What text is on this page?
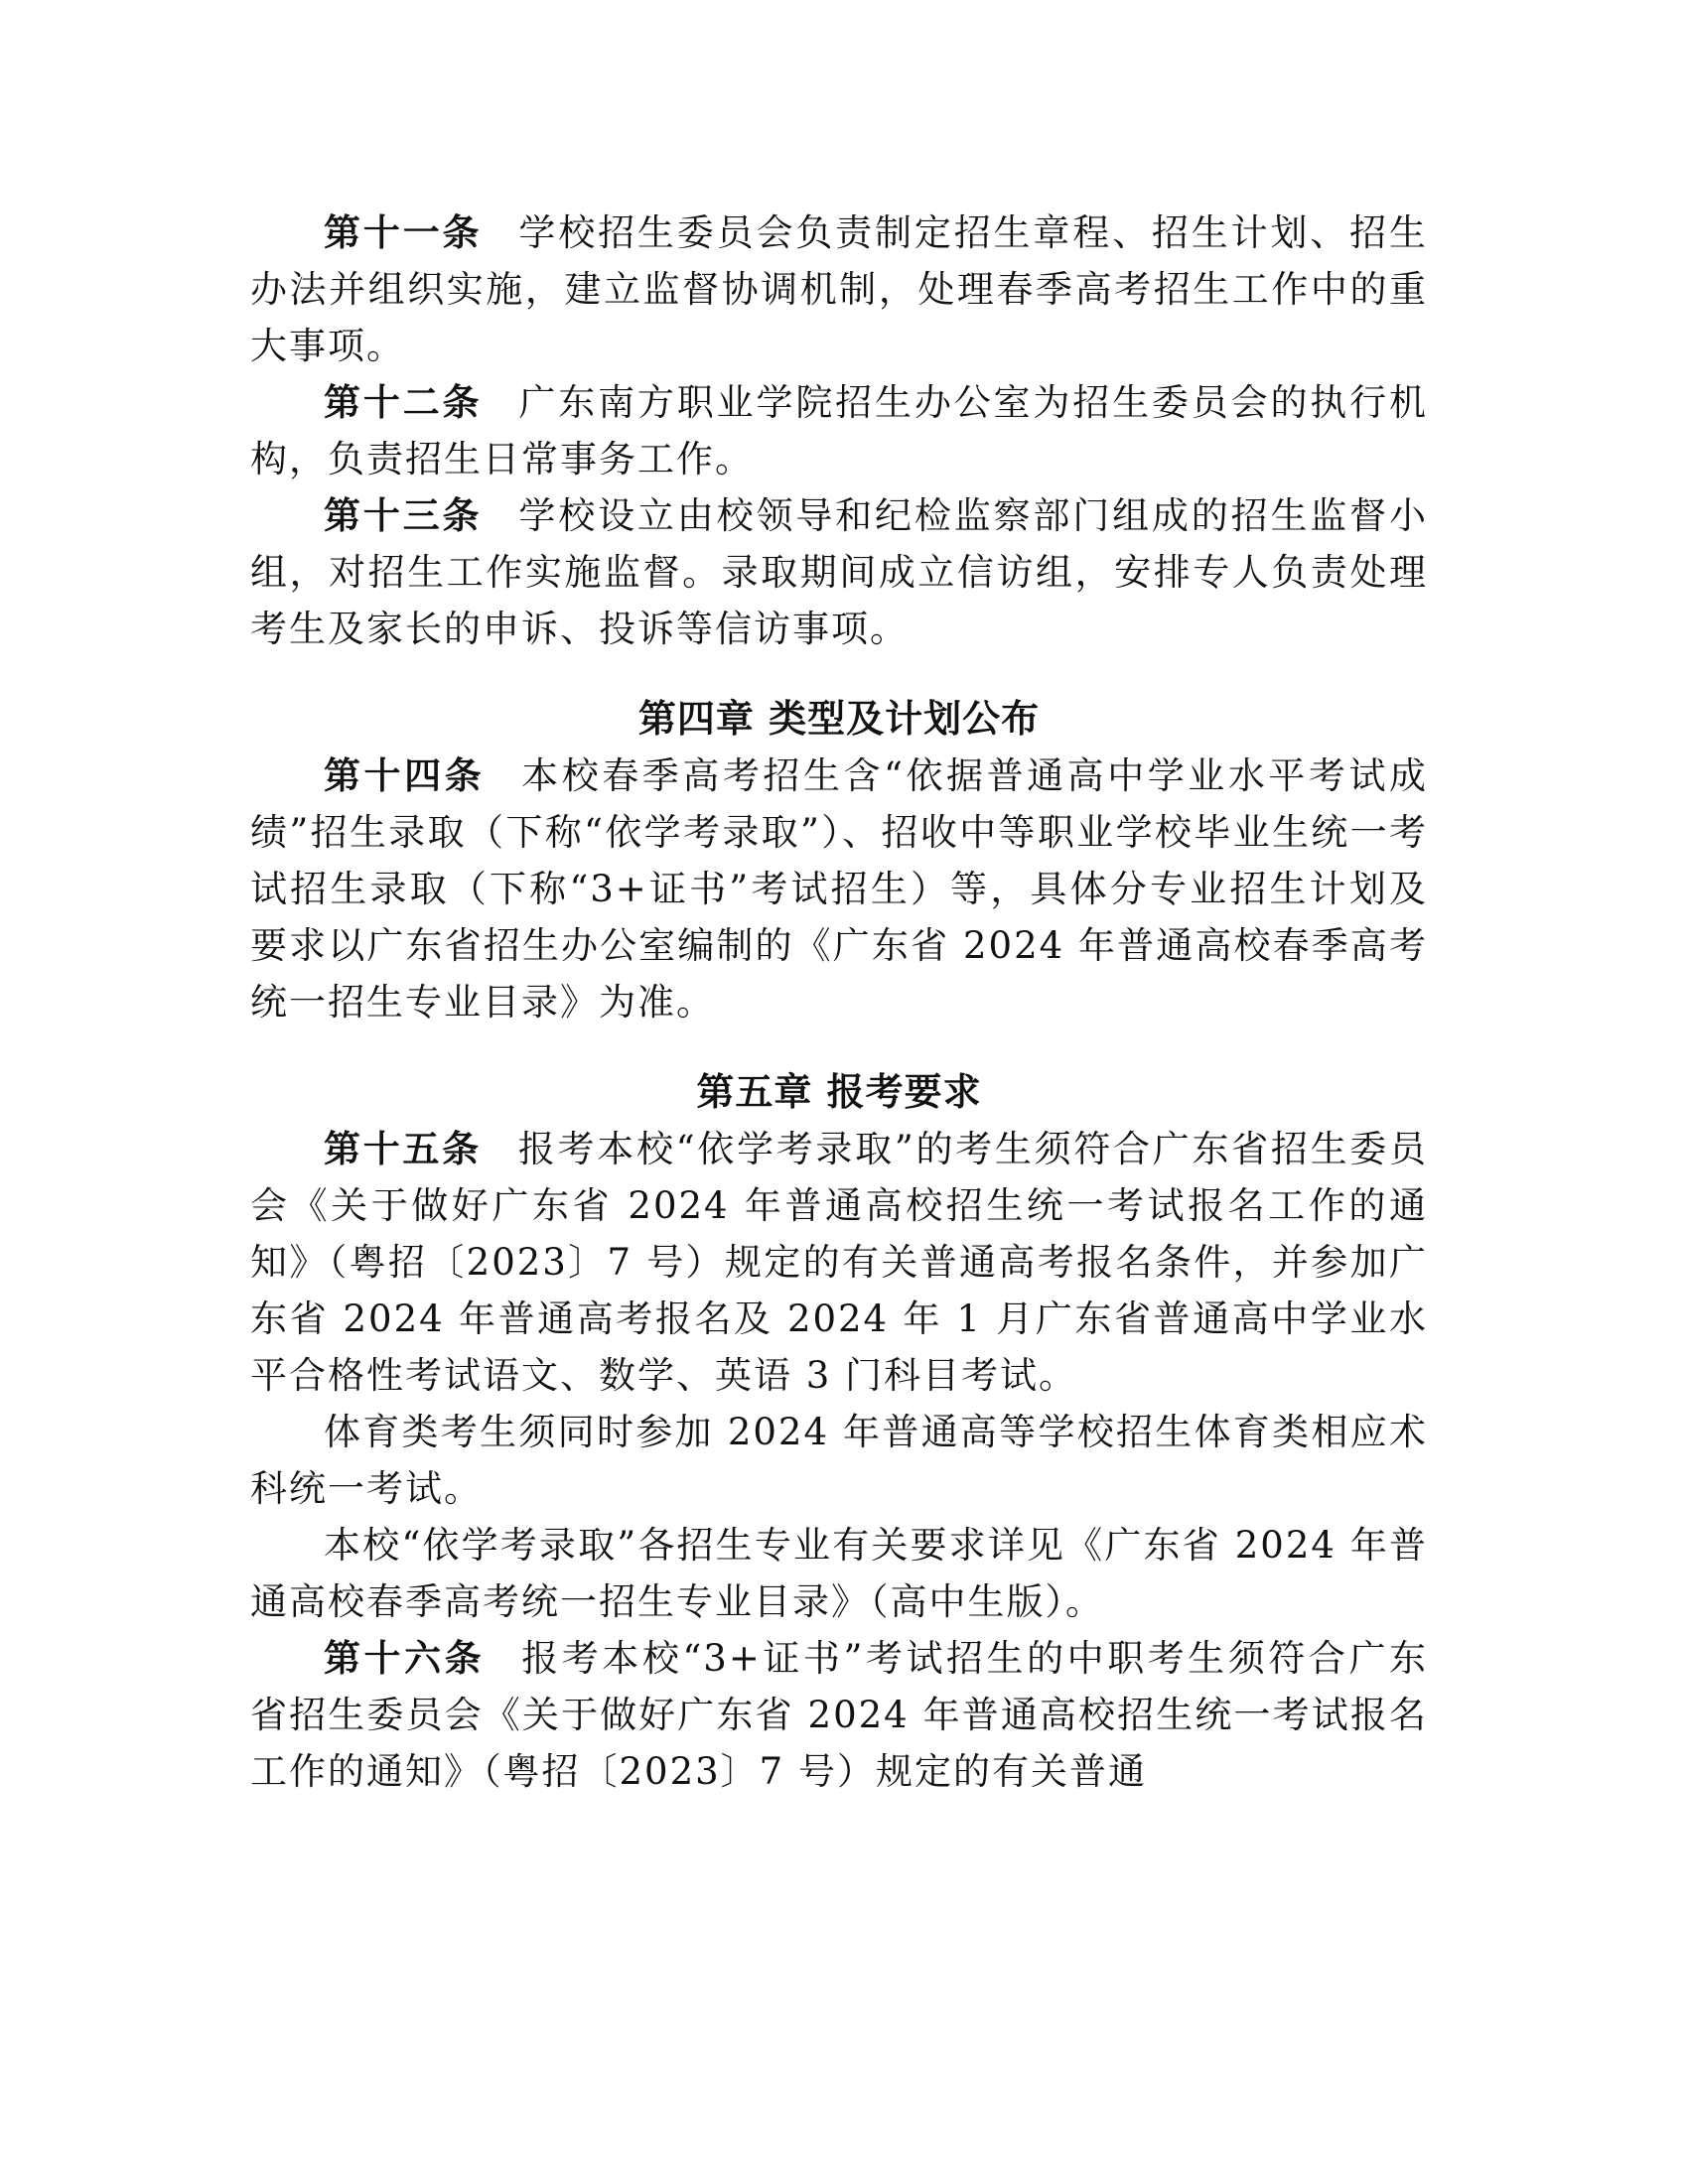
第十一条 学校招生委员会负责制定招生章程、招生计划、招生办法并组织实施，建立监督协调机制，处理春季高考招生工作中的重大事项。

第十二条 广东南方职业学院招生办公室为招生委员会的执行机构，负责招生日常事务工作。

第十三条 学校设立由校领导和纪检监察部门组成的招生监督小组，对招生工作实施监督。录取期间成立信访组，安排专人负责处理考生及家长的申诉、投诉等信访事项。

第四章 类型及计划公布

第十四条 本校春季高考招生含“依据普通高中学业水平考试成绩”招生录取（下称“依学考录取”）、招收中等职业学校毕业生统一考试招生录取（下称“3+证书”考试招生）等，具体分专业招生计划及要求以广东省招生办公室编制的《广东省 2024 年普通高校春季高考统一招生专业目录》为准。

第五章 报考要求

第十五条 报考本校“依学考录取”的考生须符合广东省招生委员会《关于做好广东省 2024 年普通高校招生统一考试报名工作的通知》（粤招〔2023〕7 号）规定的有关普通高考报名条件，并参加广东省 2024 年普通高考报名及 2024 年 1 月广东省普通高中学业水平合格性考试语文、数学、英语 3 门科目考试。

体育类考生须同时参加 2024 年普通高等学校招生体育类相应术科统一考试。

本校“依学考录取”各招生专业有关要求详见《广东省 2024 年普通高校春季高考统一招生专业目录》（高中生版）。

第十六条 报考本校“3+证书”考试招生的中职考生须符合广东省招生委员会《关于做好广东省 2024 年普通高校招生统一考试报名工作的通知》（粤招〔2023〕7 号）规定的有关普通
